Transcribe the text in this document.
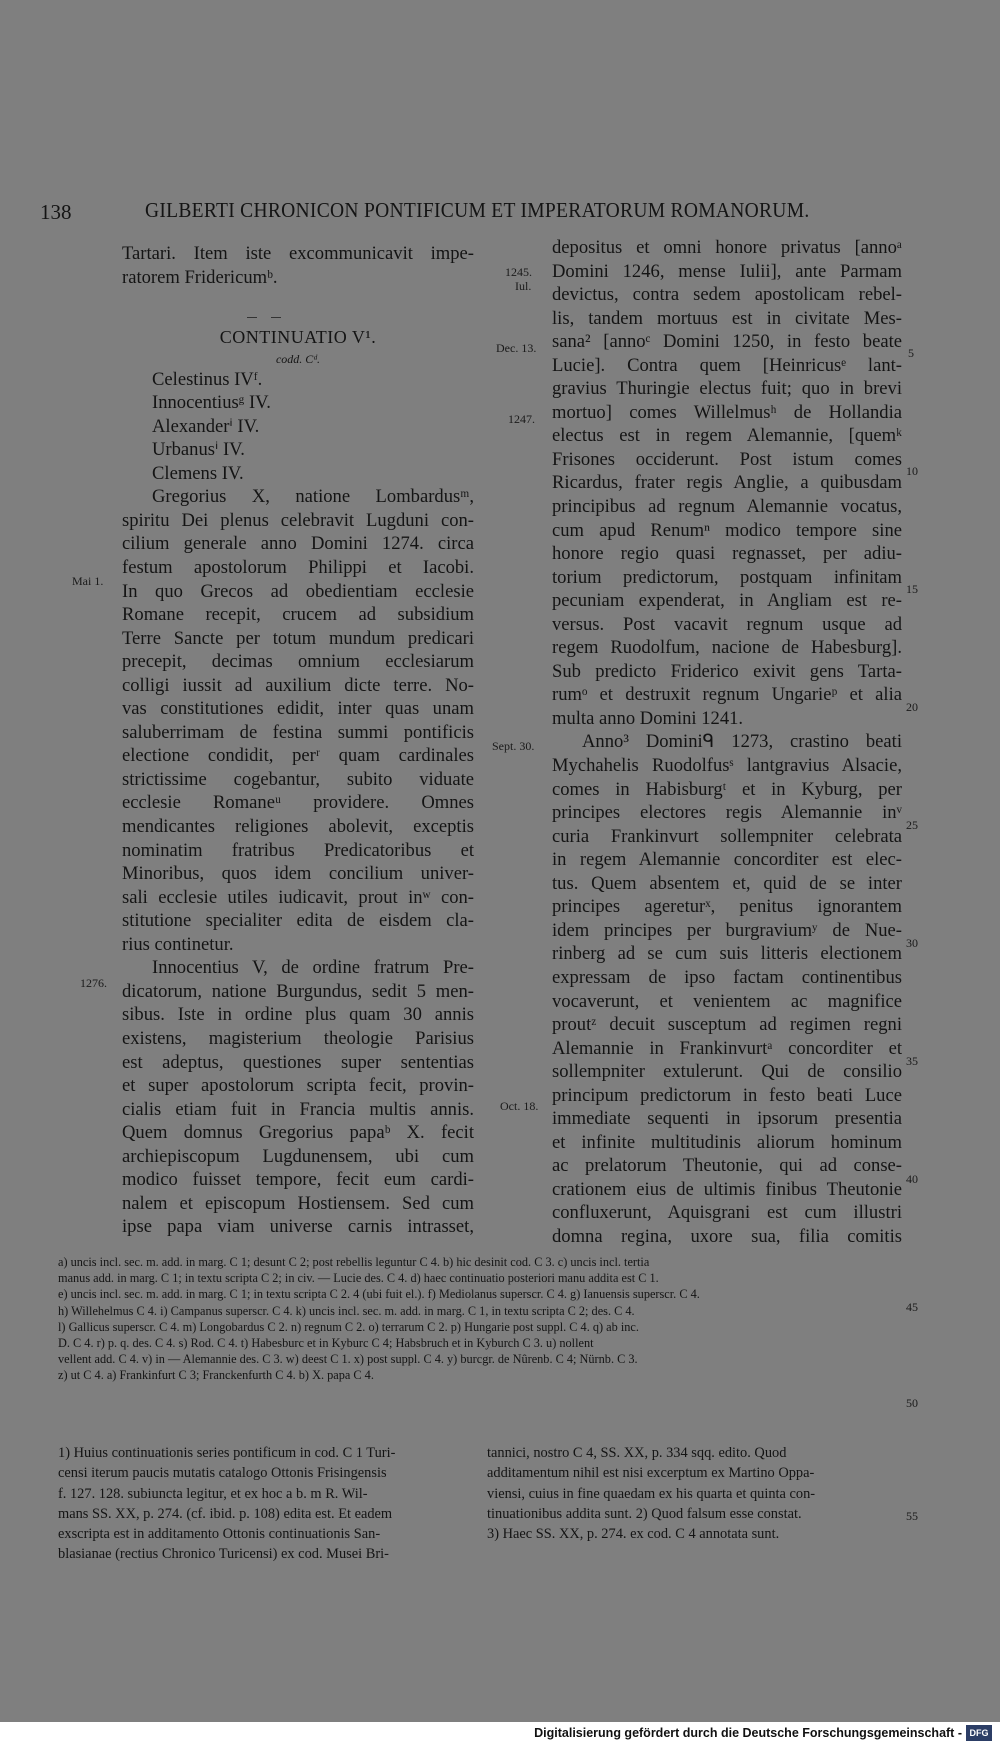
138	GILBERTI CHRONICON PONTIFICUM ET IMPERATORUM ROMANORUM.
Tartari. Item iste excommunicavit impe-
ratorem Fridericumᵇ.
CONTINUATIO V¹.
codd. Cᵈ.
Celestinus IVᶠ.
Innocentiusᵍ IV.
Alexanderⁱ IV.
Urbanusⁱ IV.
Clemens IV.
Gregorius X, natione Lombardusᵐ,
spiritu Dei plenus celebravit Lugduni con-
cilium generale anno Domini 1274. circa
festum apostolorum Philippi et Iacobi.
In quo Grecos ad obedientiam ecclesie
Romane recepit, crucem ad subsidium
Terre Sancte per totum mundum predicari
precepit, decimas omnium ecclesiarum
colligi iussit ad auxilium dicte terre. No-
vas constitutiones edidit, inter quas unam
saluberrimam de festina summi pontificis
electione condidit, perʳ quam cardinales
strictissime cogebantur, subito viduate
ecclesie Romaneᵘ providere. Omnes
mendicantes religiones abolevit, exceptis
nominatim fratribus Predicatoribus et
Minoribus, quos idem concilium univer-
sali ecclesie utiles iudicavit, prout inʷ con-
stitutione specialiter edita de eisdem cla-
rius continetur.
Innocentius V, de ordine fratrum Pre-
dicatorum, natione Burgundus, sedit 5 men-
sibus. Iste in ordine plus quam 30 annis
existens, magisterium theologie Parisius
est adeptus, questiones super sententias
et super apostolorum scripta fecit, provin-
cialis etiam fuit in Francia multis annis.
Quem domnus Gregorius papaᵇ X. fecit
archiepiscopum Lugdunensem, ubi cum
modico fuisset tempore, fecit eum cardi-
nalem et episcopum Hostiensem. Sed cum
ipse papa viam universe carnis intrasset,
depositus et omni honore privatus [annoᵃ
Domini 1246, mense Iulii], ante Parmam
devictus, contra sedem apostolicam rebel-
lis, tandem mortuus est in civitate Mes-
sana² [annoᶜ Domini 1250, in festo beate
Lucie]. Contra quem [Heinricusᵉ lant-
gravius Thuringie electus fuit; quo in brevi
mortuo] comes Willelmusʰ de Hollandia
electus est in regem Alemannie, [quemᵏ
Frisones occiderunt. Post istum comes
Ricardus, frater regis Anglie, a quibusdam
principibus ad regnum Alemannie vocatus,
cum apud Renumⁿ modico tempore sine
honore regio quasi regnasset, per adiu-
torium predictorum, postquam infinitam
pecuniam expenderat, in Angliam est re-
versus. Post vacavit regnum usque ad
regem Ruodolfum, nacione de Habesburg].
Sub predicto Friderico exivit gens Tarta-
rumᵒ et destruxit regnum Ungarieᵖ et alia
multa anno Domini 1241.
Anno³ Dominiᑫ 1273, crastino beati
Mychahelis Ruodolfusˢ lantgravius Alsacie,
comes in Habisburgᵗ et in Kyburg, per
principes electores regis Alemannie inᵛ
curia Frankinvurt sollempniter celebrata
in regem Alemannie concorditer est elec-
tus. Quem absentem et, quid de se inter
principes agereturˣ, penitus ignorantem
idem principes per burgraviumʸ de Nue-
rinberg ad se cum suis litteris electionem
expressam de ipso factam continentibus
vocaverunt, et venientem ac magnifice
proutᶻ decuit susceptum ad regimen regni
Alemannie in Frankinvurtᵃ concorditer et
sollempniter extulerunt. Qui de consilio
principum predictorum in festo beati Luce
immediate sequenti in ipsorum presentia
et infinite multitudinis aliorum hominum
ac prelatorum Theutonie, qui ad conse-
crationem eius de ultimis finibus Theutonie
confluxerunt, Aquisgrani est cum illustri
domna regina, uxore sua, filia comitis
Mai 1.
1276.
1245.
Iul.
Dec. 13.
1247.
Sept. 30.
Oct. 18.
5
10
15
20
25
30
35
40
45
50
55
a) uncis incl. sec. m. add. in marg. C 1; desunt C 2; post rebellis leguntur C 4. b) hic desinit cod. C 3. c) uncis incl. tertia
manus add. in marg. C 1; in textu scripta C 2; in civ. — Lucie des. C 4. d) haec continuatio posteriori manu addita est C 1.
e) uncis incl. sec. m. add. in marg. C 1; in textu scripta C 2. 4 (ubi fuit el.). f) Mediolanus superscr. C 4. g) Ianuensis superscr. C 4.
h) Willehelmus C 4. i) Campanus superscr. C 4. k) uncis incl. sec. m. add. in marg. C 1, in textu scripta C 2; des. C 4.
l) Gallicus superscr. C 4. m) Longobardus C 2. n) regnum C 2. o) terrarum C 2. p) Hungarie post suppl. C 4. q) ab inc.
D. C 4. r) p. q. des. C 4. s) Rod. C 4. t) Habesburc et in Kyburc C 4; Habsbruch et in Kyburch C 3. u) nollent
vellent add. C 4. v) in — Alemannie des. C 3. w) deest C 1. x) post suppl. C 4. y) burcgr. de Nûrenb. C 4; Nürnb. C 3.
z) ut C 4. a) Frankinfurt C 3; Franckenfurth C 4. b) X. papa C 4.
1) Huius continuationis series pontificum in cod. C 1 Turi-
censi iterum paucis mutatis catalogo Ottonis Frisingensis
f. 127. 128. subiuncta legitur, et ex hoc a b. m R. Wil-
mans SS. XX, p. 274. (cf. ibid. p. 108) edita est. Et eadem
exscripta est in additamento Ottonis continuationis San-
blasianae (rectius Chronico Turicensi) ex cod. Musei Bri-
tannici, nostro C 4, SS. XX, p. 334 sqq. edito. Quod
additamentum nihil est nisi excerptum ex Martino Oppa-
viensi, cuius in fine quaedam ex his quarta et quinta con-
tinuationibus addita sunt. 2) Quod falsum esse constat.
3) Haec SS. XX, p. 274. ex cod. C 4 annotata sunt.
Digitalisierung gefördert durch die Deutsche Forschungsgemeinschaft - DFG
